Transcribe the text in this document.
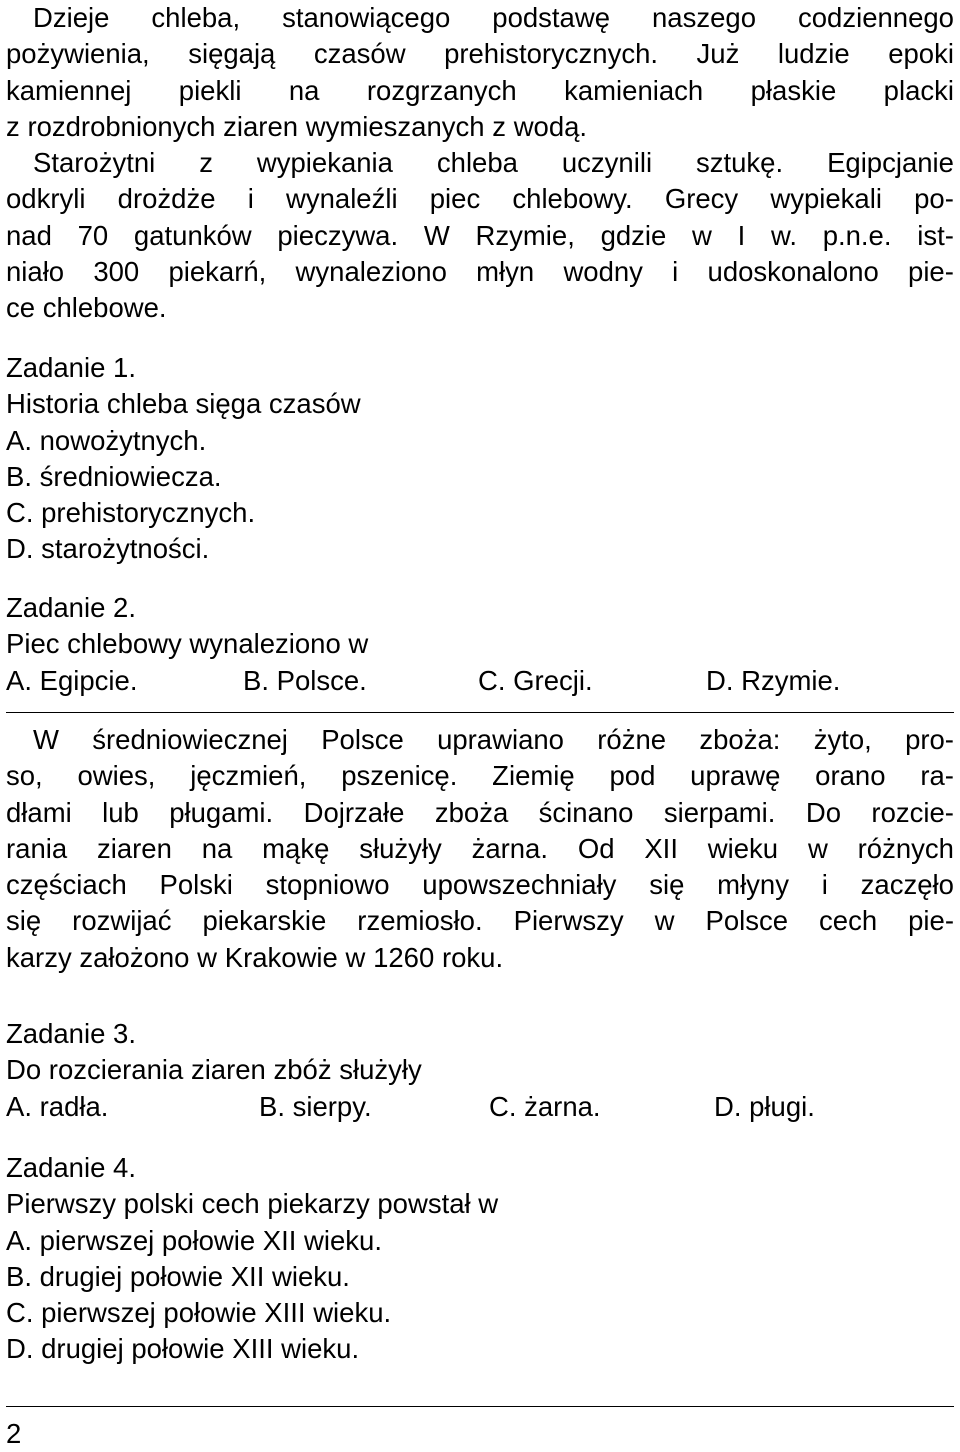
Dzieje chleba, stanowiącego podstawę naszego codziennego
pożywienia, sięgają czasów prehistorycznych. Już ludzie epoki
kamiennej piekli na rozgrzanych kamieniach płaskie placki
z rozdrobnionych ziaren wymieszanych z wodą.
Starożytni z wypiekania chleba uczynili sztukę. Egipcjanie
odkryli drożdże i wynaleźli piec chlebowy. Grecy wypiekali po-
nad 70 gatunków pieczywa. W Rzymie, gdzie w I w. p.n.e. ist-
niało 300 piekarń, wynaleziono młyn wodny i udoskonalono pie-
ce chlebowe.
Zadanie 1.
Historia chleba sięga czasów
A. nowożytnych.
B. średniowiecza.
C. prehistorycznych.
D. starożytności.
Zadanie 2.
Piec chlebowy wynaleziono w
A. Egipcie.	B. Polsce.	C. Grecji.	D. Rzymie.
W średniowiecznej Polsce uprawiano różne zboża: żyto, pro-
so, owies, jęczmień, pszenicę. Ziemię pod uprawę orano ra-
dłami lub pługami. Dojrzałe zboża ścinano sierpami. Do rozcie-
rania ziaren na mąkę służyły żarna. Od XII wieku w różnych
częściach Polski stopniowo upowszechniały się młyny i zaczęło
się rozwijać piekarskie rzemiosło. Pierwszy w Polsce cech pie-
karzy założono w Krakowie w 1260 roku.
Zadanie 3.
Do rozcierania ziaren zbóż służyły
A. radła.	B. sierpy.	C. żarna.	D. pługi.
Zadanie 4.
Pierwszy polski cech piekarzy powstał w
A. pierwszej połowie XII wieku.
B. drugiej połowie XII wieku.
C. pierwszej połowie XIII wieku.
D. drugiej połowie XIII wieku.
2
